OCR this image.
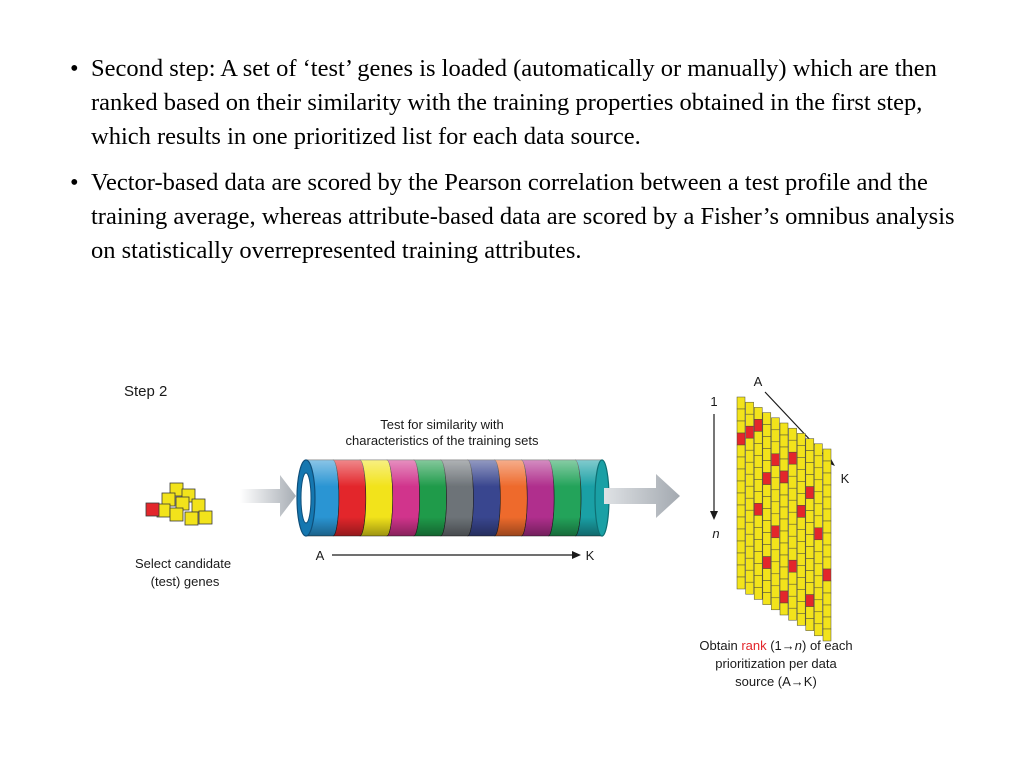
• Second step: A set of ‘test’ genes is loaded (automatically or manually) which are then ranked based on their similarity with the training properties obtained in the first step, which results in one prioritized list for each data source.
• Vector-based data are scored by the Pearson correlation between a test profile and the training average, whereas attribute-based data are scored by a Fisher’s omnibus analysis on statistically overrepresented training attributes.
Step 2
Test for similarity with
characteristics of the training sets
Select candidate
(test) genes
A	K
1
n
A
K
Obtain rank (1→n) of each
prioritization per data
source (A→K)
